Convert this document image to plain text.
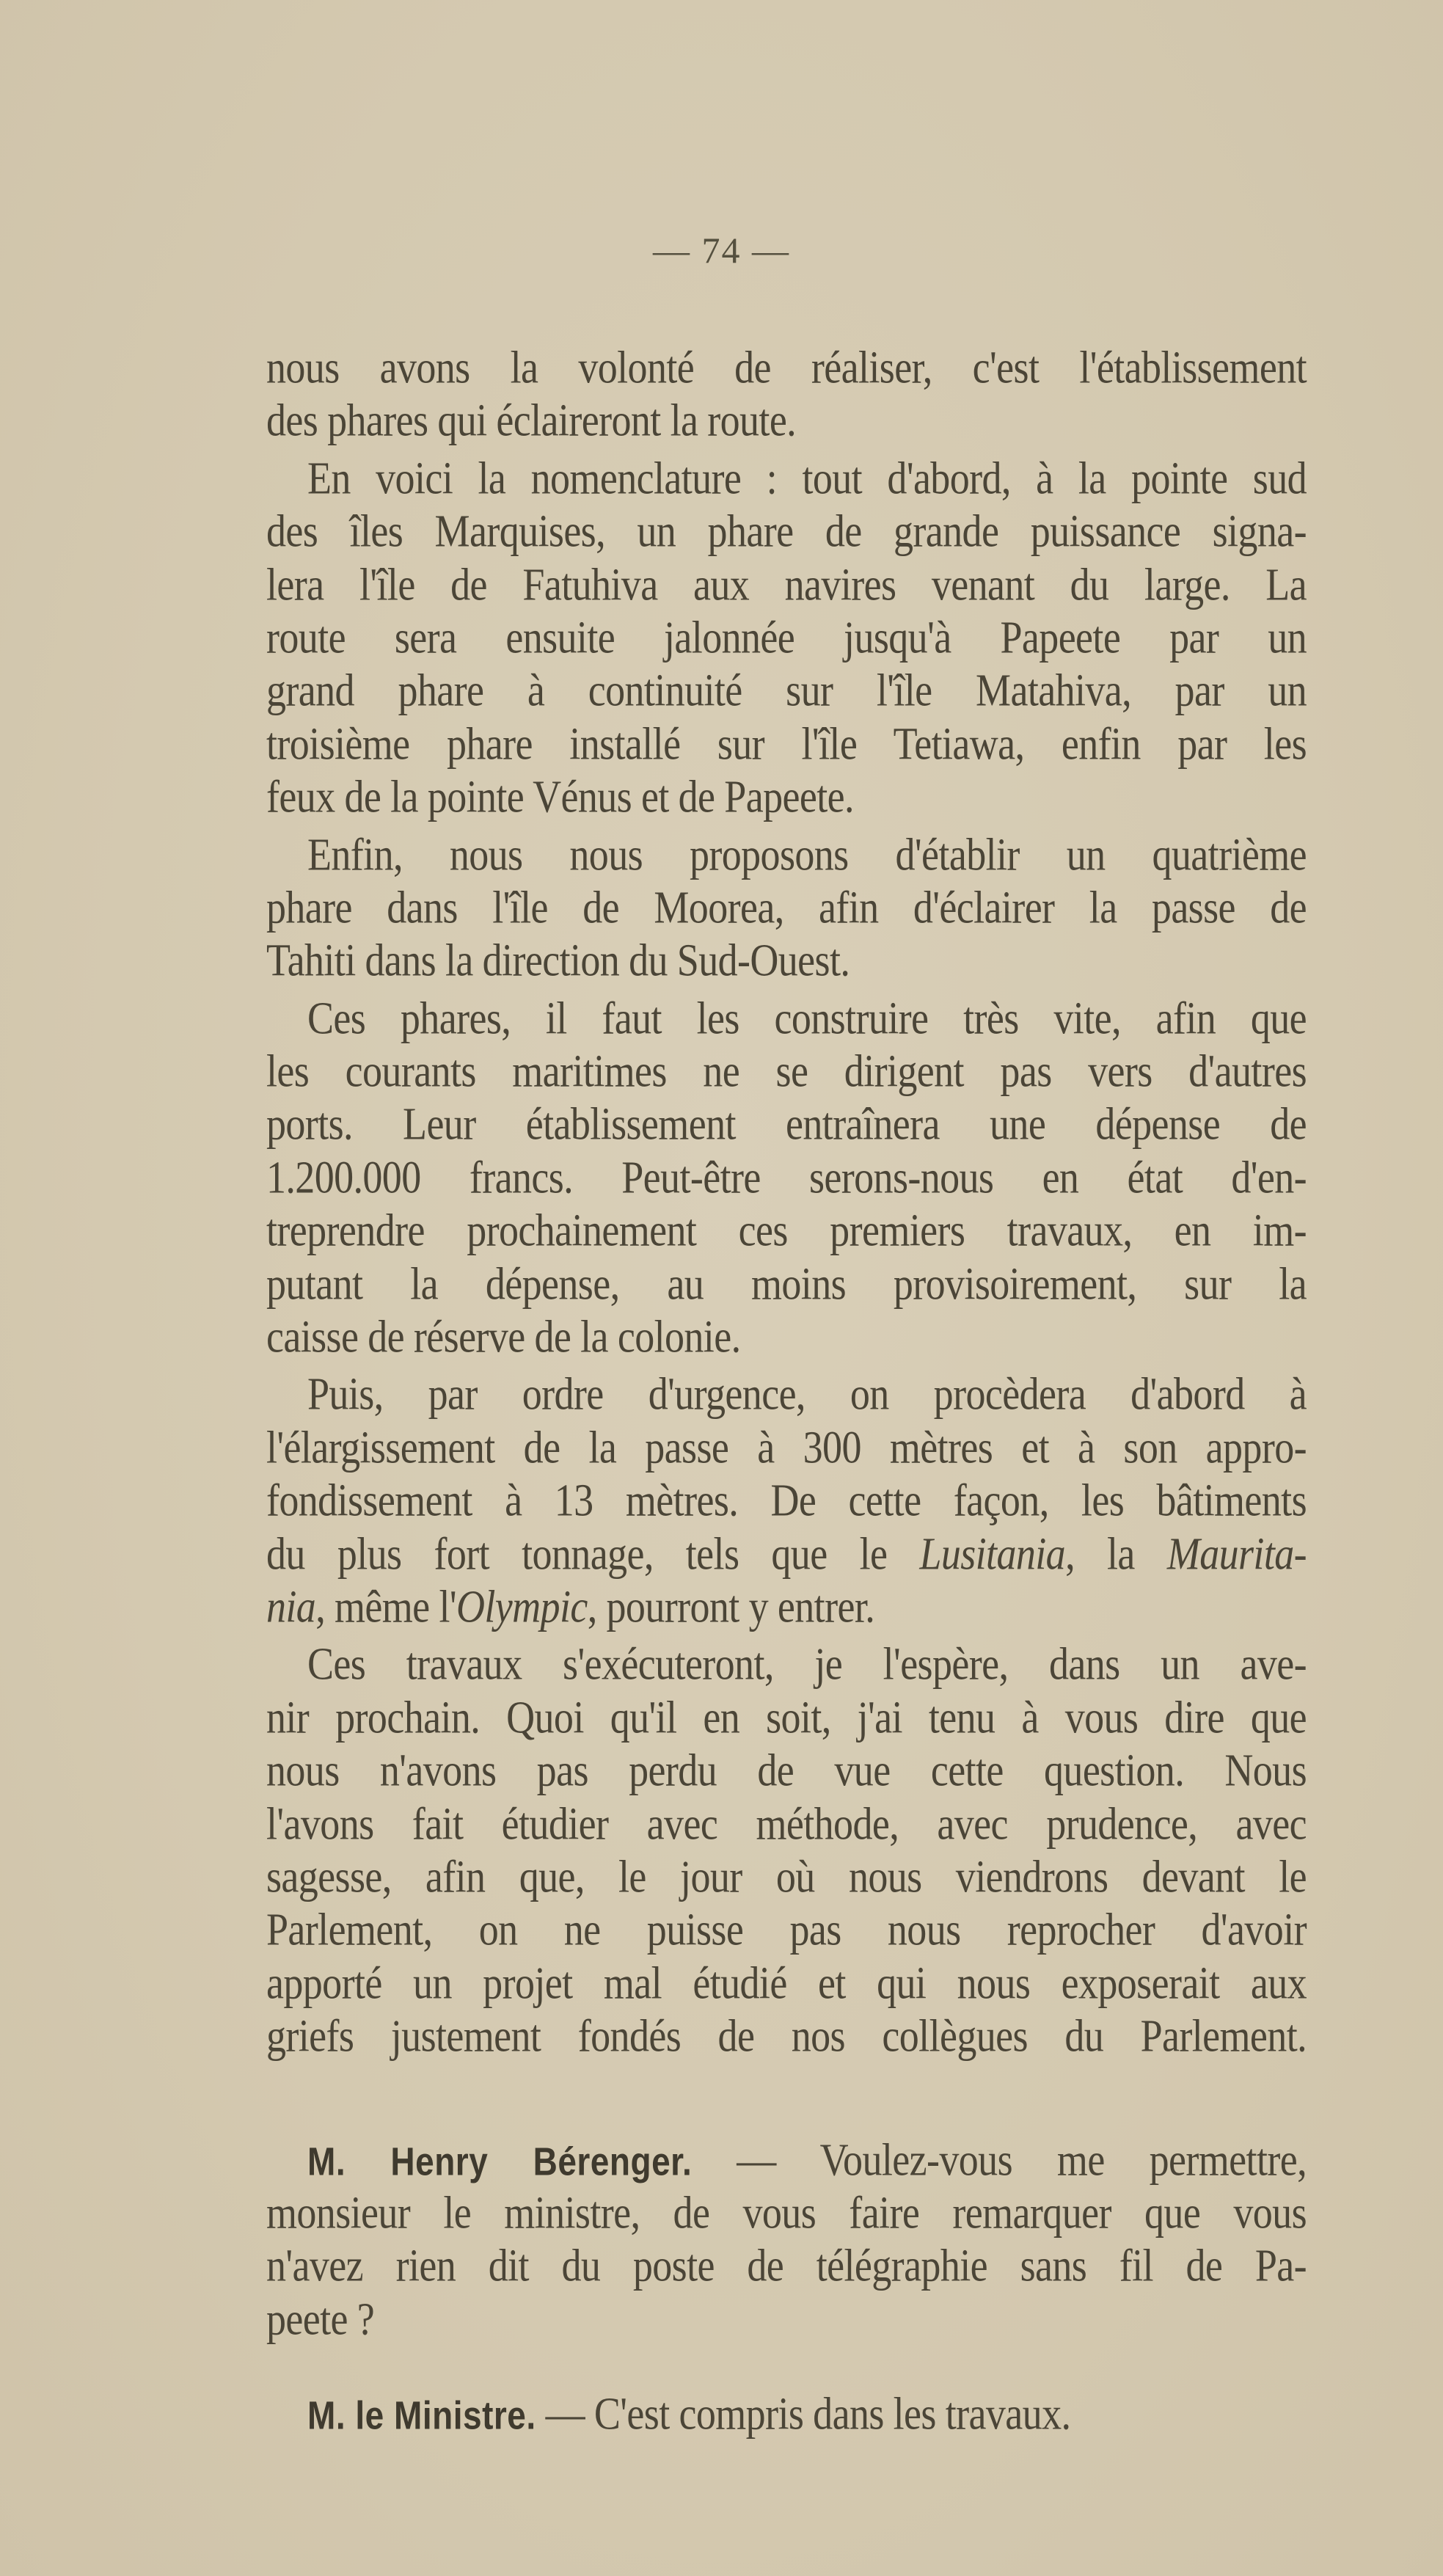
— 74 —
nous avons la volonté de réaliser, c'est l'établissement
des phares qui éclaireront la route.
En voici la nomenclature : tout d'abord, à la pointe sud
des îles Marquises, un phare de grande puissance signa-
lera l'île de Fatuhiva aux navires venant du large. La
route sera ensuite jalonnée jusqu'à Papeete par un
grand phare à continuité sur l'île Matahiva, par un
troisième phare installé sur l'île Tetiawa, enfin par les
feux de la pointe Vénus et de Papeete.
Enfin, nous nous proposons d'établir un quatrième
phare dans l'île de Moorea, afin d'éclairer la passe de
Tahiti dans la direction du Sud-Ouest.
Ces phares, il faut les construire très vite, afin que
les courants maritimes ne se dirigent pas vers d'autres
ports. Leur établissement entraînera une dépense de
1.200.000 francs. Peut-être serons-nous en état d'en-
treprendre prochainement ces premiers travaux, en im-
putant la dépense, au moins provisoirement, sur la
caisse de réserve de la colonie.
Puis, par ordre d'urgence, on procèdera d'abord à
l'élargissement de la passe à 300 mètres et à son appro-
fondissement à 13 mètres. De cette façon, les bâtiments
du plus fort tonnage, tels que le Lusitania, la Maurita-
nia, même l'Olympic, pourront y entrer.
Ces travaux s'exécuteront, je l'espère, dans un ave-
nir prochain. Quoi qu'il en soit, j'ai tenu à vous dire que
nous n'avons pas perdu de vue cette question. Nous
l'avons fait étudier avec méthode, avec prudence, avec
sagesse, afin que, le jour où nous viendrons devant le
Parlement, on ne puisse pas nous reprocher d'avoir
apporté un projet mal étudié et qui nous exposerait aux
griefs justement fondés de nos collègues du Parlement.
M. Henry Bérenger. — Voulez-vous me permettre,
monsieur le ministre, de vous faire remarquer que vous
n'avez rien dit du poste de télégraphie sans fil de Pa-
peete ?
M. le Ministre. — C'est compris dans les travaux.
